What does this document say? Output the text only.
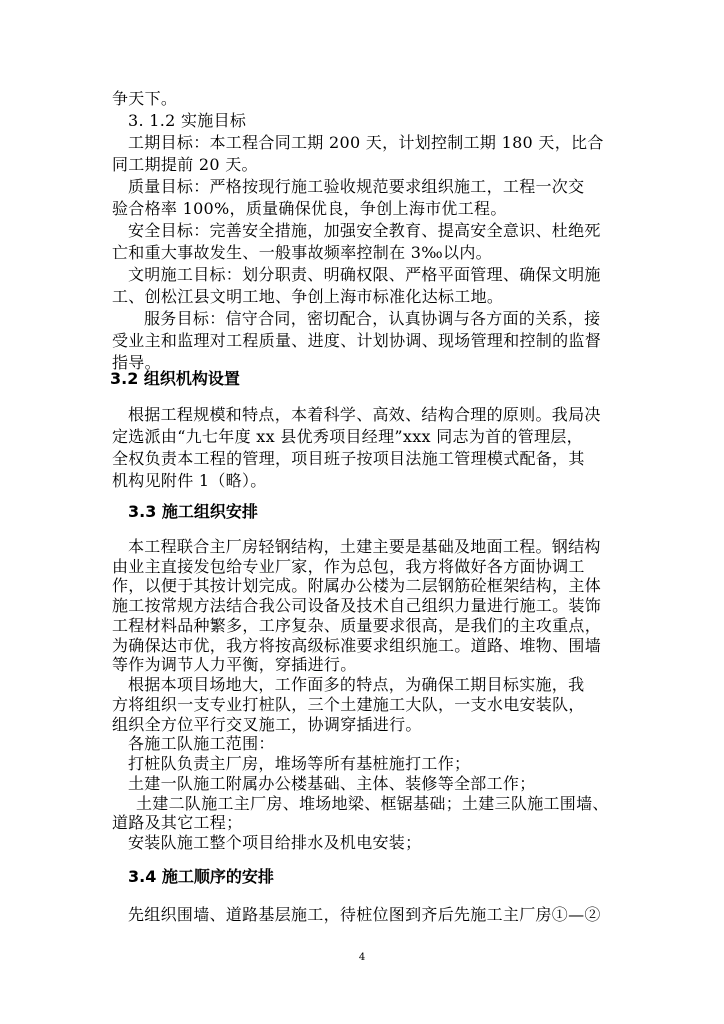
争天下。
3. 1.2 实施目标
工期目标：本工程合同工期 200 天，计划控制工期 180 天，比合
同工期提前 20 天。
质量目标：严格按现行施工验收规范要求组织施工，工程一次交
验合格率 100%，质量确保优良，争创上海市优工程。
安全目标：完善安全措施，加强安全教育、提高安全意识、杜绝死
亡和重大事故发生、一般事故频率控制在 3‰以内。
文明施工目标：划分职责、明确权限、严格平面管理、确保文明施
工、创松江县文明工地、争创上海市标准化达标工地。
服务目标：信守合同，密切配合，认真协调与各方面的关系，接
受业主和监理对工程质量、进度、计划协调、现场管理和控制的监督
指导。
3.2 组织机构设置
根据工程规模和特点，本着科学、高效、结构合理的原则。我局决
定选派由“九七年度 xx 县优秀项目经理”xxx 同志为首的管理层，
全权负责本工程的管理，项目班子按项目法施工管理模式配备，其
机构见附件 1（略）。
3.3 施工组织安排
本工程联合主厂房轻钢结构，土建主要是基础及地面工程。钢结构
由业主直接发包给专业厂家，作为总包，我方将做好各方面协调工
作，以便于其按计划完成。附属办公楼为二层钢筋砼框架结构，主体
施工按常规方法结合我公司设备及技术自己组织力量进行施工。装饰
工程材料品种繁多，工序复杂、质量要求很高，是我们的主攻重点，
为确保达市优，我方将按高级标准要求组织施工。道路、堆物、围墙
等作为调节人力平衡，穿插进行。
根据本项目场地大，工作面多的特点，为确保工期目标实施，我
方将组织一支专业打桩队，三个土建施工大队，一支水电安装队，
组织全方位平行交叉施工，协调穿插进行。
各施工队施工范围：
打桩队负责主厂房，堆场等所有基桩施打工作；
土建一队施工附属办公楼基础、主体、装修等全部工作；
土建二队施工主厂房、堆场地梁、框锯基础；土建三队施工围墙、
道路及其它工程；
安装队施工整个项目给排水及机电安装；
3.4 施工顺序的安排
先组织围墙、道路基层施工，待桩位图到齐后先施工主厂房①—②
4
